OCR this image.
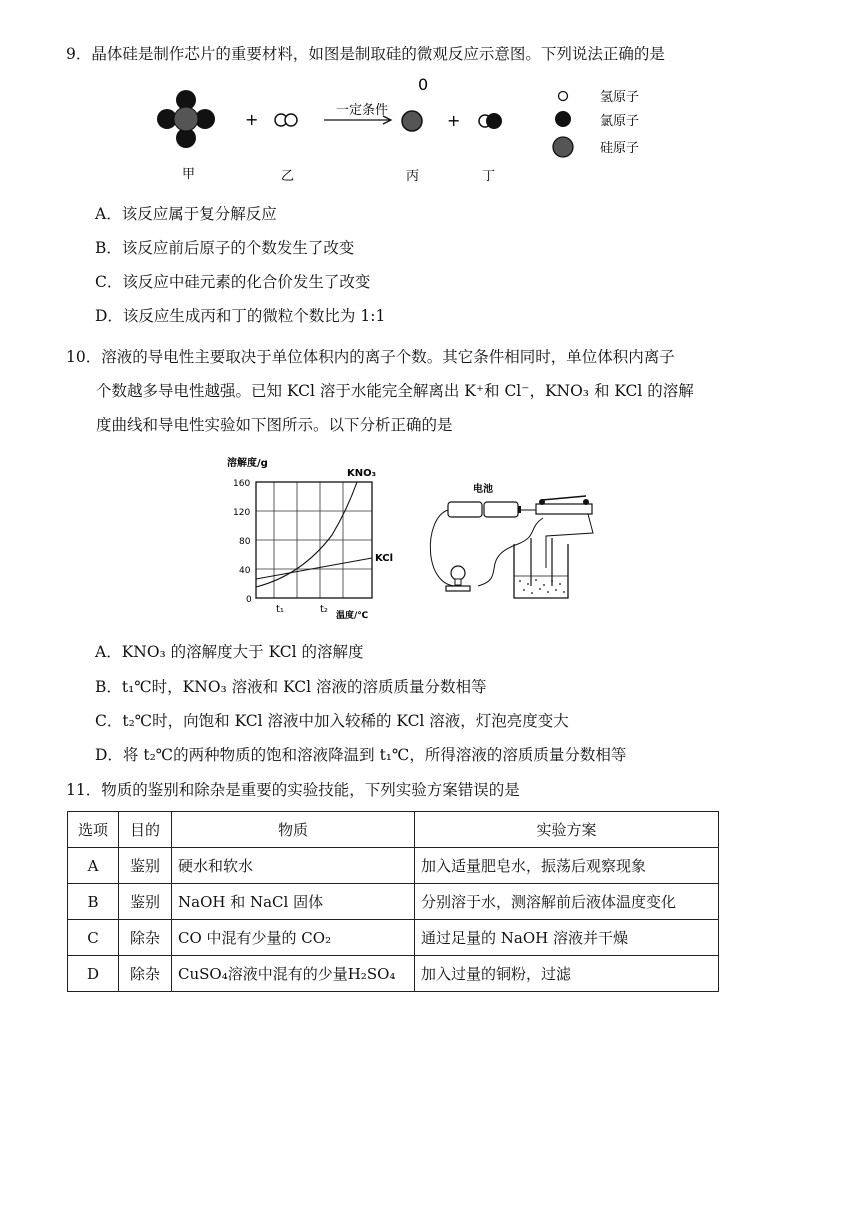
9．晶体硅是制作芯片的重要材料，如图是制取硅的微观反应示意图。下列说法正确的是
+	一定条件
0
+
甲	乙	丙	丁
氢原子
氯原子
硅原子
A．该反应属于复分解反应
B．该反应前后原子的个数发生了改变
C．该反应中硅元素的化合价发生了改变
D．该反应生成丙和丁的微粒个数比为 1:1
10．溶液的导电性主要取决于单位体积内的离子个数。其它条件相同时，单位体积内离子
个数越多导电性越强。已知 KCl 溶于水能完全解离出 K⁺和 Cl⁻，KNO₃ 和 KCl 的溶解
度曲线和导电性实验如下图所示。以下分析正确的是
溶解度/g
KNO₃
KCl
160
120
80
40
0
t₁	t₂
温度/℃
电池
A．KNO₃ 的溶解度大于 KCl 的溶解度
B．t₁℃时，KNO₃ 溶液和 KCl 溶液的溶质质量分数相等
C．t₂℃时，向饱和 KCl 溶液中加入较稀的 KCl 溶液，灯泡亮度变大
D．将 t₂℃的两种物质的饱和溶液降温到 t₁℃，所得溶液的溶质质量分数相等
11．物质的鉴别和除杂是重要的实验技能，下列实验方案错误的是
选项	目的	物质	实验方案
A	鉴别	硬水和软水	加入适量肥皂水，振荡后观察现象
B	鉴别	NaOH 和 NaCl 固体	分别溶于水，测溶解前后液体温度变化
C	除杂	CO 中混有少量的 CO₂	通过足量的 NaOH 溶液并干燥
D	除杂	CuSO₄溶液中混有的少量H₂SO₄	加入过量的铜粉，过滤
